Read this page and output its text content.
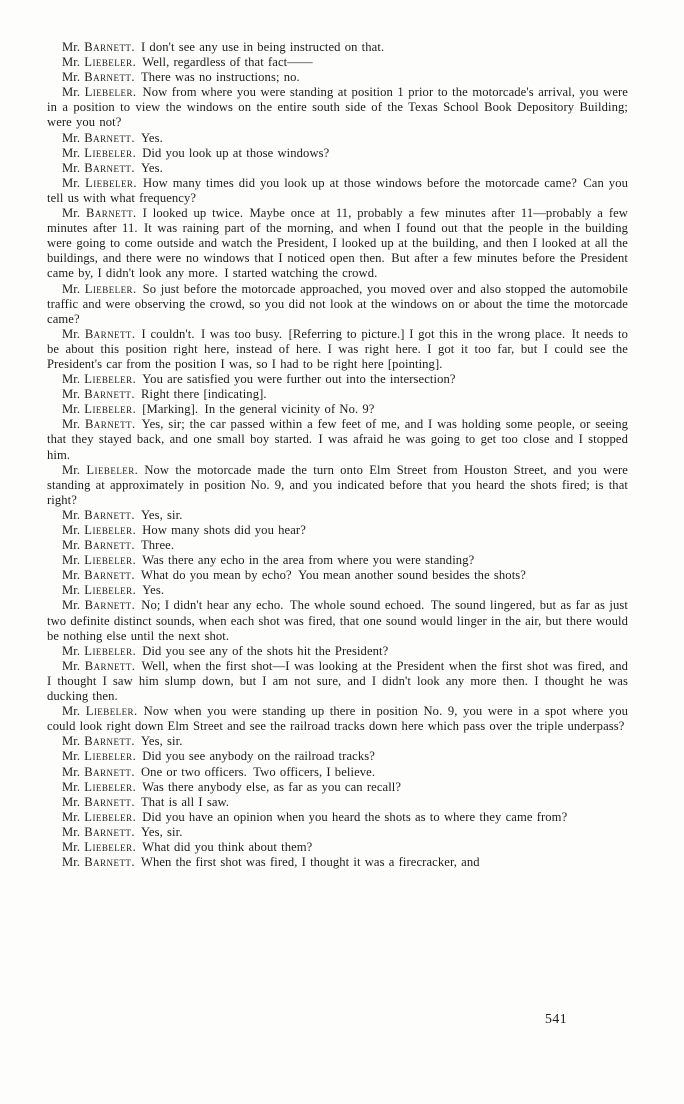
Mr. Barnett. I don't see any use in being instructed on that.

Mr. Liebeler. Well, regardless of that fact——

Mr. Barnett. There was no instructions; no.

Mr. Liebeler. Now from where you were standing at position 1 prior to the motorcade's arrival, you were in a position to view the windows on the entire south side of the Texas School Book Depository Building; were you not?

Mr. Barnett. Yes.

Mr. Liebeler. Did you look up at those windows?

Mr. Barnett. Yes.

Mr. Liebeler. How many times did you look up at those windows before the motorcade came? Can you tell us with what frequency?

Mr. Barnett. I looked up twice. Maybe once at 11, probably a few minutes after 11—probably a few minutes after 11. It was raining part of the morning, and when I found out that the people in the building were going to come outside and watch the President, I looked up at the building, and then I looked at all the buildings, and there were no windows that I noticed open then. But after a few minutes before the President came by, I didn't look any more. I started watching the crowd.

Mr. Liebeler. So just before the motorcade approached, you moved over and also stopped the automobile traffic and were observing the crowd, so you did not look at the windows on or about the time the motorcade came?

Mr. Barnett. I couldn't. I was too busy. [Referring to picture.] I got this in the wrong place. It needs to be about this position right here, instead of here. I was right here. I got it too far, but I could see the President's car from the position I was, so I had to be right here [pointing].

Mr. Liebeler. You are satisfied you were further out into the intersection?

Mr. Barnett. Right there [indicating].

Mr. Liebeler. [Marking]. In the general vicinity of No. 9?

Mr. Barnett. Yes, sir; the car passed within a few feet of me, and I was holding some people, or seeing that they stayed back, and one small boy started. I was afraid he was going to get too close and I stopped him.

Mr. Liebeler. Now the motorcade made the turn onto Elm Street from Houston Street, and you were standing at approximately in position No. 9, and you indicated before that you heard the shots fired; is that right?

Mr. Barnett. Yes, sir.

Mr. Liebeler. How many shots did you hear?

Mr. Barnett. Three.

Mr. Liebeler. Was there any echo in the area from where you were standing?

Mr. Barnett. What do you mean by echo? You mean another sound besides the shots?

Mr. Liebeler. Yes.

Mr. Barnett. No; I didn't hear any echo. The whole sound echoed. The sound lingered, but as far as just two definite distinct sounds, when each shot was fired, that one sound would linger in the air, but there would be nothing else until the next shot.

Mr. Liebeler. Did you see any of the shots hit the President?

Mr. Barnett. Well, when the first shot—I was looking at the President when the first shot was fired, and I thought I saw him slump down, but I am not sure, and I didn't look any more then. I thought he was ducking then.

Mr. Liebeler. Now when you were standing up there in position No. 9, you were in a spot where you could look right down Elm Street and see the railroad tracks down here which pass over the triple underpass?

Mr. Barnett. Yes, sir.

Mr. Liebeler. Did you see anybody on the railroad tracks?

Mr. Barnett. One or two officers. Two officers, I believe.

Mr. Liebeler. Was there anybody else, as far as you can recall?

Mr. Barnett. That is all I saw.

Mr. Liebeler. Did you have an opinion when you heard the shots as to where they came from?

Mr. Barnett. Yes, sir.

Mr. Liebeler. What did you think about them?

Mr. Barnett. When the first shot was fired, I thought it was a firecracker, and

541
